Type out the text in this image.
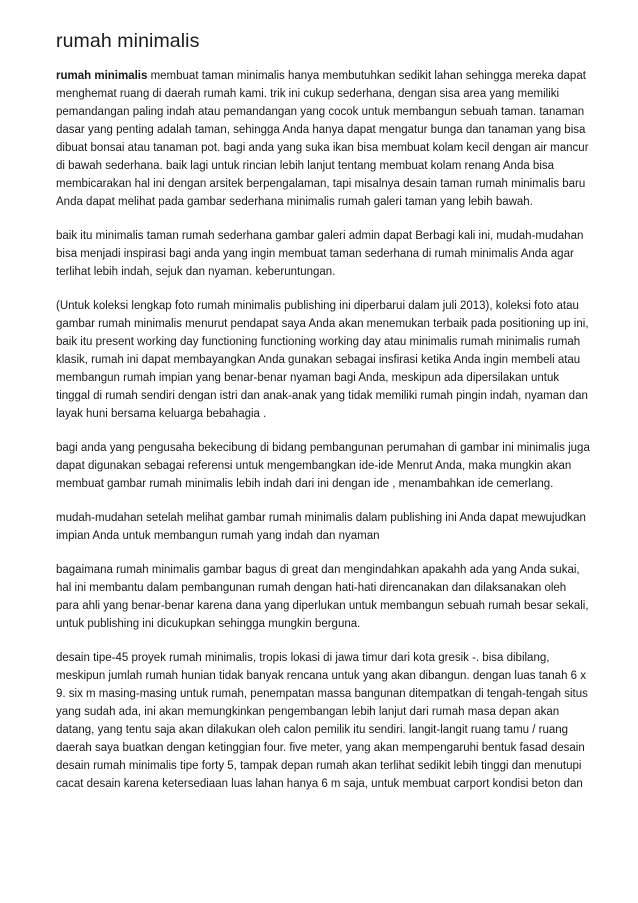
rumah minimalis

rumah minimalis membuat taman minimalis hanya membutuhkan sedikit lahan sehingga mereka dapat menghemat ruang di daerah rumah kami. trik ini cukup sederhana, dengan sisa area yang memiliki pemandangan paling indah atau pemandangan yang cocok untuk membangun sebuah taman. tanaman dasar yang penting adalah taman, sehingga Anda hanya dapat mengatur bunga dan tanaman yang bisa dibuat bonsai atau tanaman pot. bagi anda yang suka ikan bisa membuat kolam kecil dengan air mancur di bawah sederhana. baik lagi untuk rincian lebih lanjut tentang membuat kolam renang Anda bisa membicarakan hal ini dengan arsitek berpengalaman, tapi misalnya desain taman rumah minimalis baru Anda dapat melihat pada gambar sederhana minimalis rumah galeri taman yang lebih bawah.

baik itu minimalis taman rumah sederhana gambar galeri admin dapat Berbagi kali ini, mudah-mudahan bisa menjadi inspirasi bagi anda yang ingin membuat taman sederhana di rumah minimalis Anda agar terlihat lebih indah, sejuk dan nyaman. keberuntungan.

(Untuk koleksi lengkap foto rumah minimalis publishing ini diperbarui dalam juli 2013), koleksi foto atau gambar rumah minimalis menurut pendapat saya Anda akan menemukan terbaik pada positioning up ini, baik itu present working day functioning functioning working day atau minimalis rumah minimalis rumah klasik, rumah ini dapat membayangkan Anda gunakan sebagai insfirasi ketika Anda ingin membeli atau membangun rumah impian yang benar-benar nyaman bagi Anda, meskipun ada dipersilakan untuk tinggal di rumah sendiri dengan istri dan anak-anak yang tidak memiliki rumah pingin indah, nyaman dan layak huni bersama keluarga bebahagia .

bagi anda yang pengusaha bekecibung di bidang pembangunan perumahan di gambar ini minimalis juga dapat digunakan sebagai referensi untuk mengembangkan ide-ide Menrut Anda, maka mungkin akan membuat gambar rumah minimalis lebih indah dari ini dengan ide , menambahkan ide cemerlang.

mudah-mudahan setelah melihat gambar rumah minimalis dalam publishing ini Anda dapat mewujudkan impian Anda untuk membangun rumah yang indah dan nyaman

bagaimana rumah minimalis gambar bagus di great dan mengindahkan apakahh ada yang Anda sukai, hal ini membantu dalam pembangunan rumah dengan hati-hati direncanakan dan dilaksanakan oleh para ahli yang benar-benar karena dana yang diperlukan untuk membangun sebuah rumah besar sekali, untuk publishing ini dicukupkan sehingga mungkin berguna.

desain tipe-45 proyek rumah minimalis, tropis lokasi di jawa timur dari kota gresik -. bisa dibilang, meskipun jumlah rumah hunian tidak banyak rencana untuk yang akan dibangun. dengan luas tanah 6 x 9. six m masing-masing untuk rumah, penempatan massa bangunan ditempatkan di tengah-tengah situs yang sudah ada, ini akan memungkinkan pengembangan lebih lanjut dari rumah masa depan akan datang, yang tentu saja akan dilakukan oleh calon pemilik itu sendiri. langit-langit ruang tamu / ruang daerah saya buatkan dengan ketinggian four. five meter, yang akan mempengaruhi bentuk fasad desain desain rumah minimalis tipe forty 5, tampak depan rumah akan terlihat sedikit lebih tinggi dan menutupi cacat desain karena ketersediaan luas lahan hanya 6 m saja, untuk membuat carport kondisi beton dan
